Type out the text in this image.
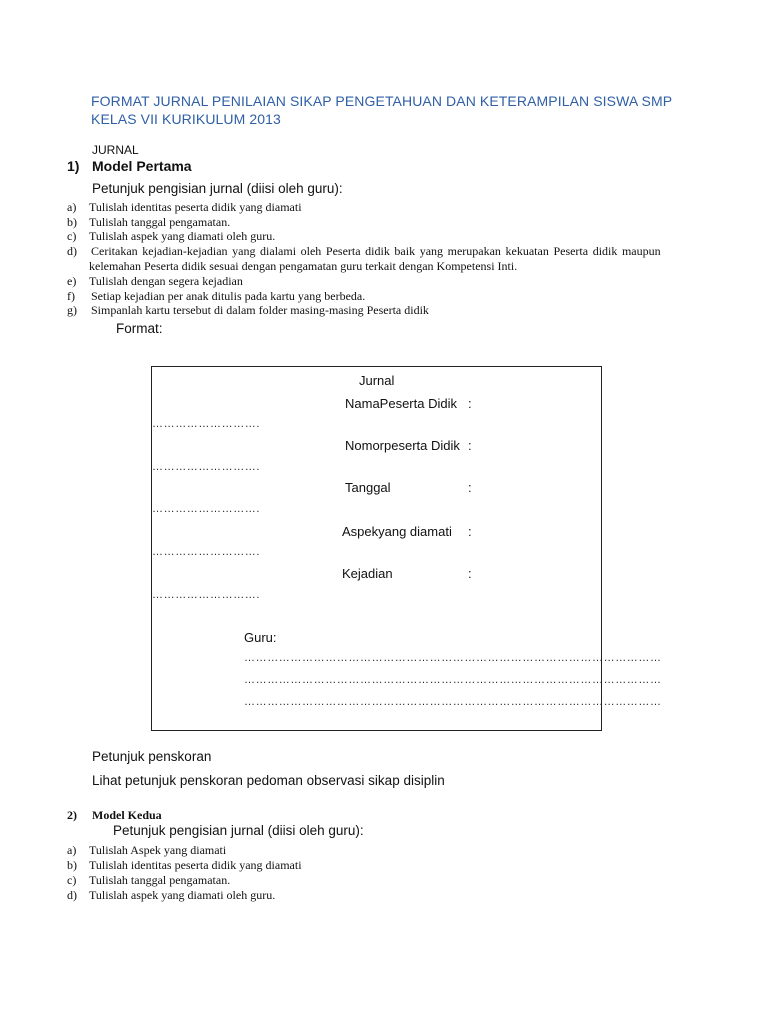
FORMAT JURNAL PENILAIAN SIKAP PENGETAHUAN DAN KETERAMPILAN SISWA SMP
KELAS VII KURIKULUM 2013
JURNAL
1) Model Pertama
Petunjuk pengisian jurnal (diisi oleh guru):
a) Tulislah identitas peserta didik yang diamati
b) Tulislah tanggal pengamatan.
c) Tulislah aspek yang diamati oleh guru.
d) Ceritakan kejadian-kejadian yang dialami oleh Peserta didik baik yang merupakan kekuatan Peserta didik maupun
kelemahan Peserta didik sesuai dengan pengamatan guru terkait dengan Kompetensi Inti.
e) Tulislah dengan segera kejadian
f) Setiap kejadian per anak ditulis pada kartu yang berbeda.
g) Simpanlah kartu tersebut di dalam folder masing-masing Peserta didik
Format:
Jurnal
NamaPeserta Didik :
……………………….
Nomorpeserta Didik :
……………………….
Tanggal	:
……………………….
Aspekyang diamati :
……………………….
Kejadian	:
……………………….
Guru:
………………………………………………………………………………………………
………………………………………………………………………………………………
………………………………………………………………………………………………
Petunjuk penskoran
Lihat petunjuk penskoran pedoman observasi sikap disiplin
2) Model Kedua
Petunjuk pengisian jurnal (diisi oleh guru):
a) Tulislah Aspek yang diamati
b) Tulislah identitas peserta didik yang diamati
c) Tulislah tanggal pengamatan.
d) Tulislah aspek yang diamati oleh guru.
